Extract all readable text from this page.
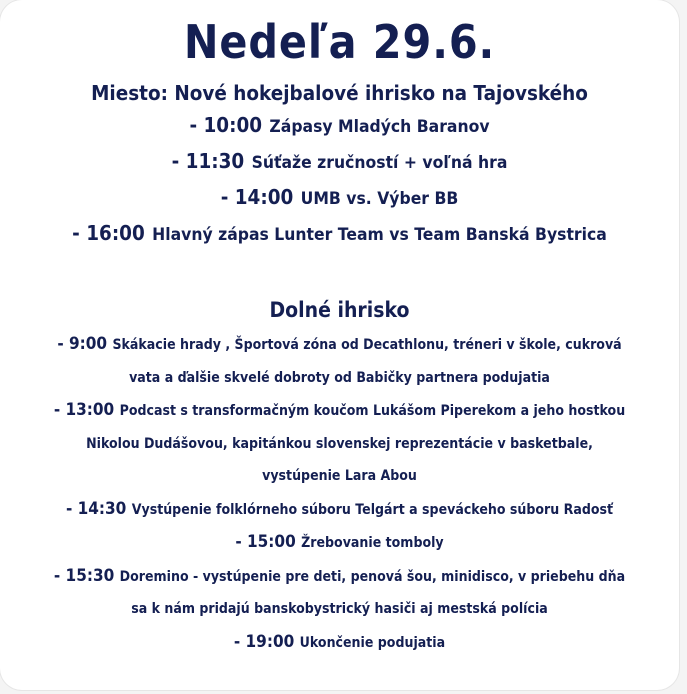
Nedeľa 29.6.
Miesto: Nové hokejbalové ihrisko na Tajovského
- 10:00 Zápasy Mladých Baranov
- 11:30 Súťaže zručností + voľná hra
- 14:00 UMB vs. Výber BB
- 16:00 Hlavný zápas Lunter Team vs Team Banská Bystrica
Dolné ihrisko
- 9:00 Skákacie hrady , Športová zóna od Decathlonu, tréneri v škole, cukrová
vata a ďalšie skvelé dobroty od Babičky partnera podujatia
- 13:00 Podcast s transformačným koučom Lukášom Piperekom a jeho hostkou
Nikolou Dudášovou, kapitánkou slovenskej reprezentácie v basketbale,
vystúpenie Lara Abou
- 14:30 Vystúpenie folklórneho súboru Telgárt a speváckeho súboru Radosť
- 15:00 Žrebovanie tomboly
- 15:30 Doremino - vystúpenie pre deti, penová šou, minidisco, v priebehu dňa
sa k nám pridajú banskobystrický hasiči aj mestská polícia
- 19:00 Ukončenie podujatia
